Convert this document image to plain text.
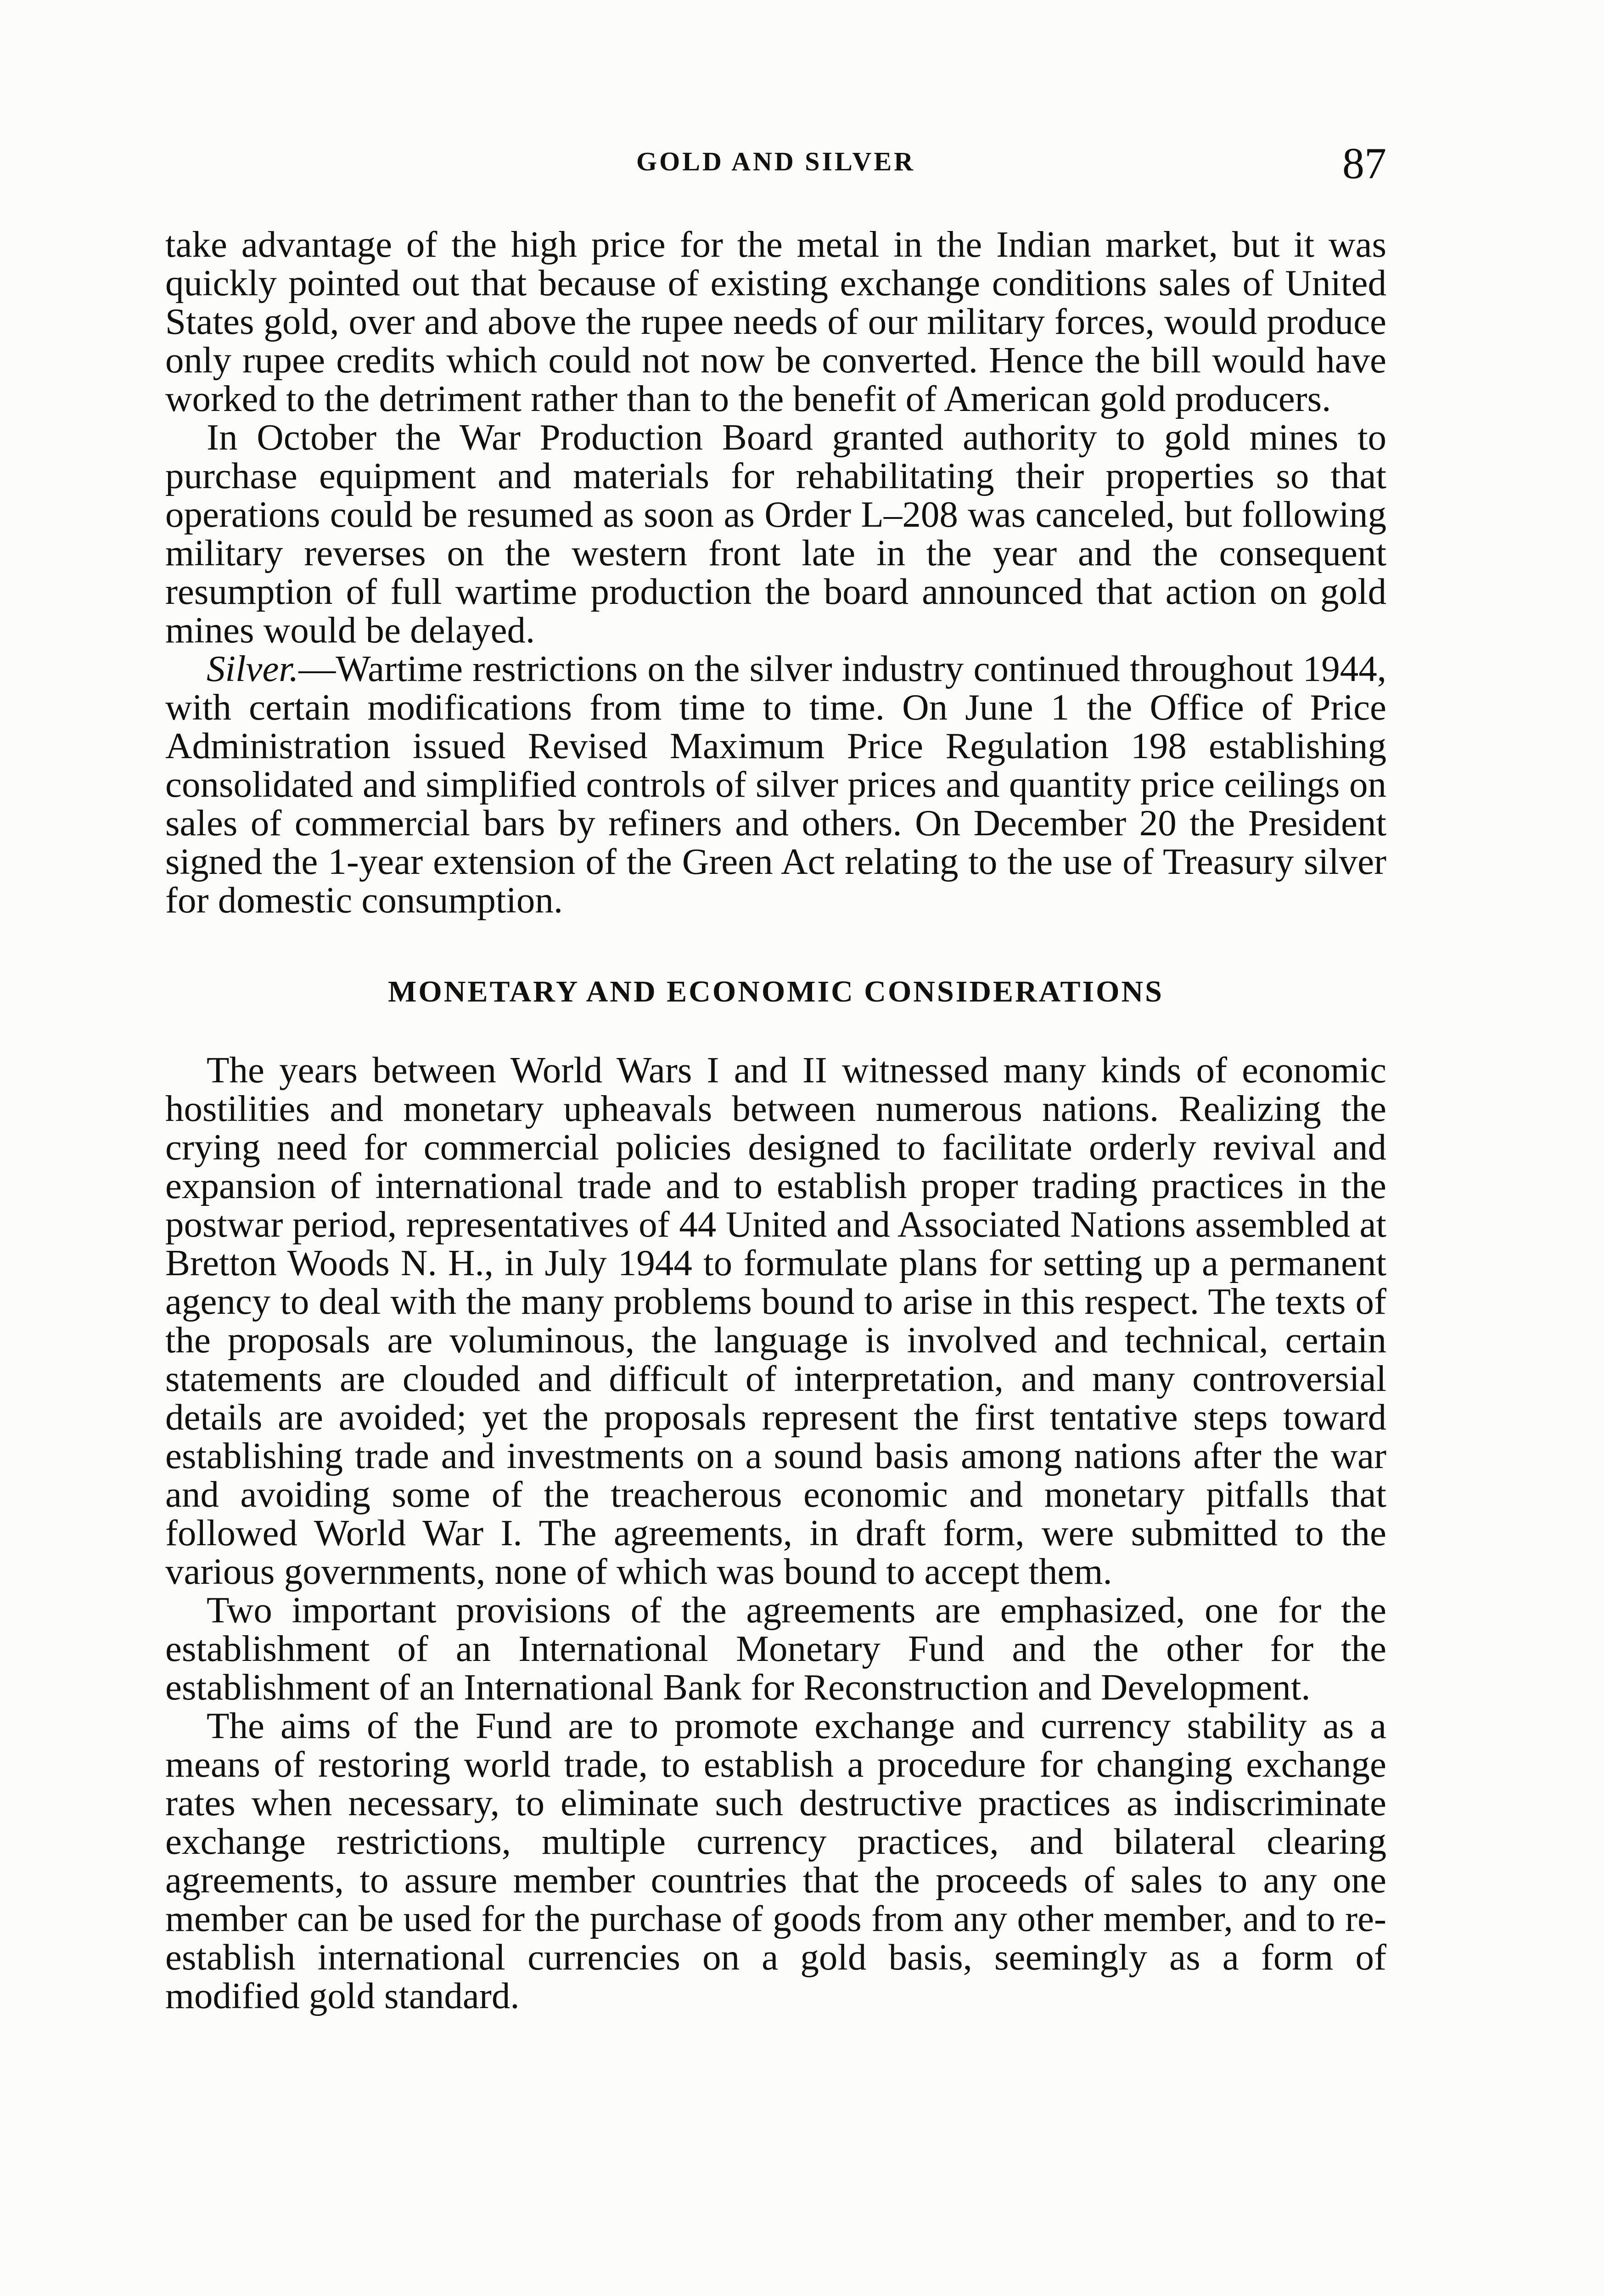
GOLD AND SILVER	87

take advantage of the high price for the metal in the Indian market, but it was quickly pointed out that because of existing exchange conditions sales of United States gold, over and above the rupee needs of our military forces, would produce only rupee credits which could not now be converted. Hence the bill would have worked to the detriment rather than to the benefit of American gold producers.

In October the War Production Board granted authority to gold mines to purchase equipment and materials for rehabilitating their properties so that operations could be resumed as soon as Order L–208 was canceled, but following military reverses on the western front late in the year and the consequent resumption of full wartime production the board announced that action on gold mines would be delayed.

Silver.—Wartime restrictions on the silver industry continued throughout 1944, with certain modifications from time to time. On June 1 the Office of Price Administration issued Revised Maximum Price Regulation 198 establishing consolidated and simplified controls of silver prices and quantity price ceilings on sales of commercial bars by refiners and others. On December 20 the President signed the 1-year extension of the Green Act relating to the use of Treasury silver for domestic consumption.

MONETARY AND ECONOMIC CONSIDERATIONS

The years between World Wars I and II witnessed many kinds of economic hostilities and monetary upheavals between numerous nations. Realizing the crying need for commercial policies designed to facilitate orderly revival and expansion of international trade and to establish proper trading practices in the postwar period, representatives of 44 United and Associated Nations assembled at Bretton Woods N. H., in July 1944 to formulate plans for setting up a permanent agency to deal with the many problems bound to arise in this respect. The texts of the proposals are voluminous, the language is involved and technical, certain statements are clouded and difficult of interpretation, and many controversial details are avoided; yet the proposals represent the first tentative steps toward establishing trade and investments on a sound basis among nations after the war and avoiding some of the treacherous economic and monetary pitfalls that followed World War I. The agreements, in draft form, were submitted to the various governments, none of which was bound to accept them.

Two important provisions of the agreements are emphasized, one for the establishment of an International Monetary Fund and the other for the establishment of an International Bank for Reconstruction and Development.

The aims of the Fund are to promote exchange and currency stability as a means of restoring world trade, to establish a procedure for changing exchange rates when necessary, to eliminate such destructive practices as indiscriminate exchange restrictions, multiple currency practices, and bilateral clearing agreements, to assure member countries that the proceeds of sales to any one member can be used for the purchase of goods from any other member, and to re-establish international currencies on a gold basis, seemingly as a form of modified gold standard.
